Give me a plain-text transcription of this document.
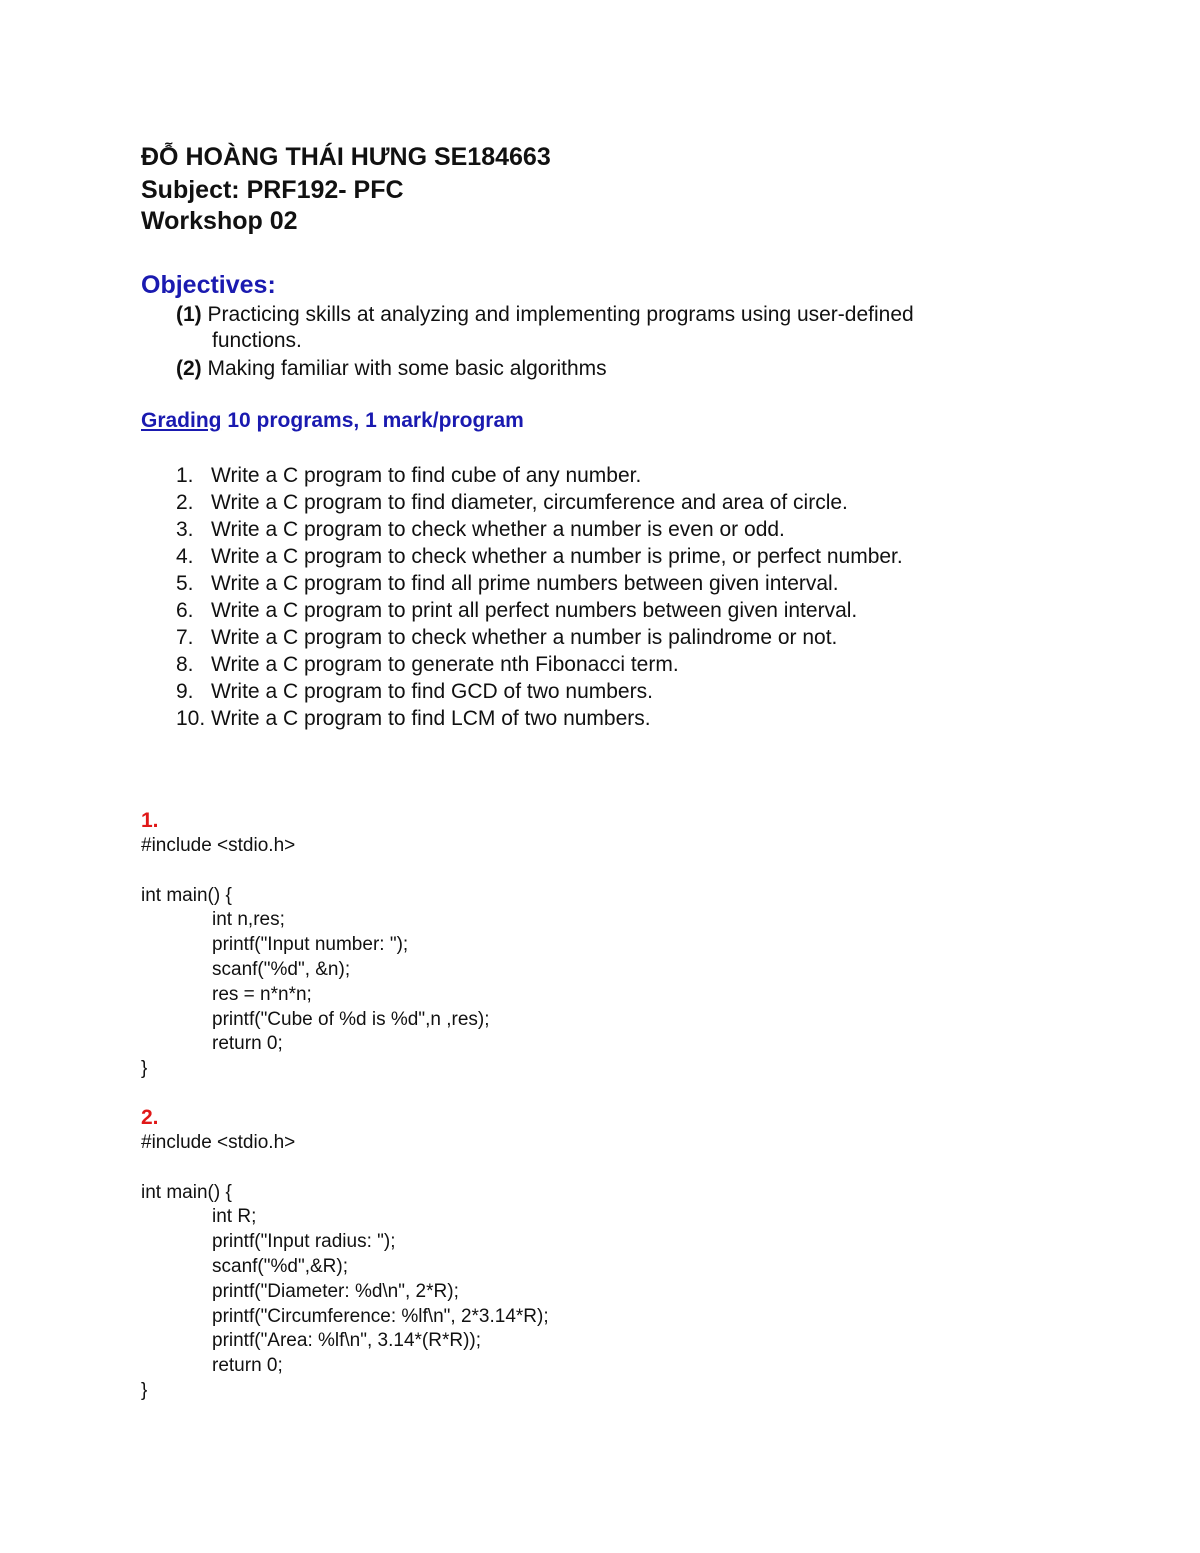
ĐỖ HOÀNG THÁI HƯNG SE184663
Subject: PRF192- PFC
Workshop 02
Objectives:
(1) Practicing skills at analyzing and implementing programs using user-defined
functions.
(2) Making familiar with some basic algorithms
Grading 10 programs, 1 mark/program
1. Write a C program to find cube of any number.
2. Write a C program to find diameter, circumference and area of circle.
3. Write a C program to check whether a number is even or odd.
4. Write a C program to check whether a number is prime, or perfect number.
5. Write a C program to find all prime numbers between given interval.
6. Write a C program to print all perfect numbers between given interval.
7. Write a C program to check whether a number is palindrome or not.
8. Write a C program to generate nth Fibonacci term.
9. Write a C program to find GCD of two numbers.
10. Write a C program to find LCM of two numbers.
1.
#include <stdio.h>
int main() {
int n,res;
printf("Input number: ");
scanf("%d", &n);
res = n*n*n;
printf("Cube of %d is %d",n ,res);
return 0;
}
2.
#include <stdio.h>
int main() {
int R;
printf("Input radius: ");
scanf("%d",&R);
printf("Diameter: %d\n", 2*R);
printf("Circumference: %lf\n", 2*3.14*R);
printf("Area: %lf\n", 3.14*(R*R));
return 0;
}
